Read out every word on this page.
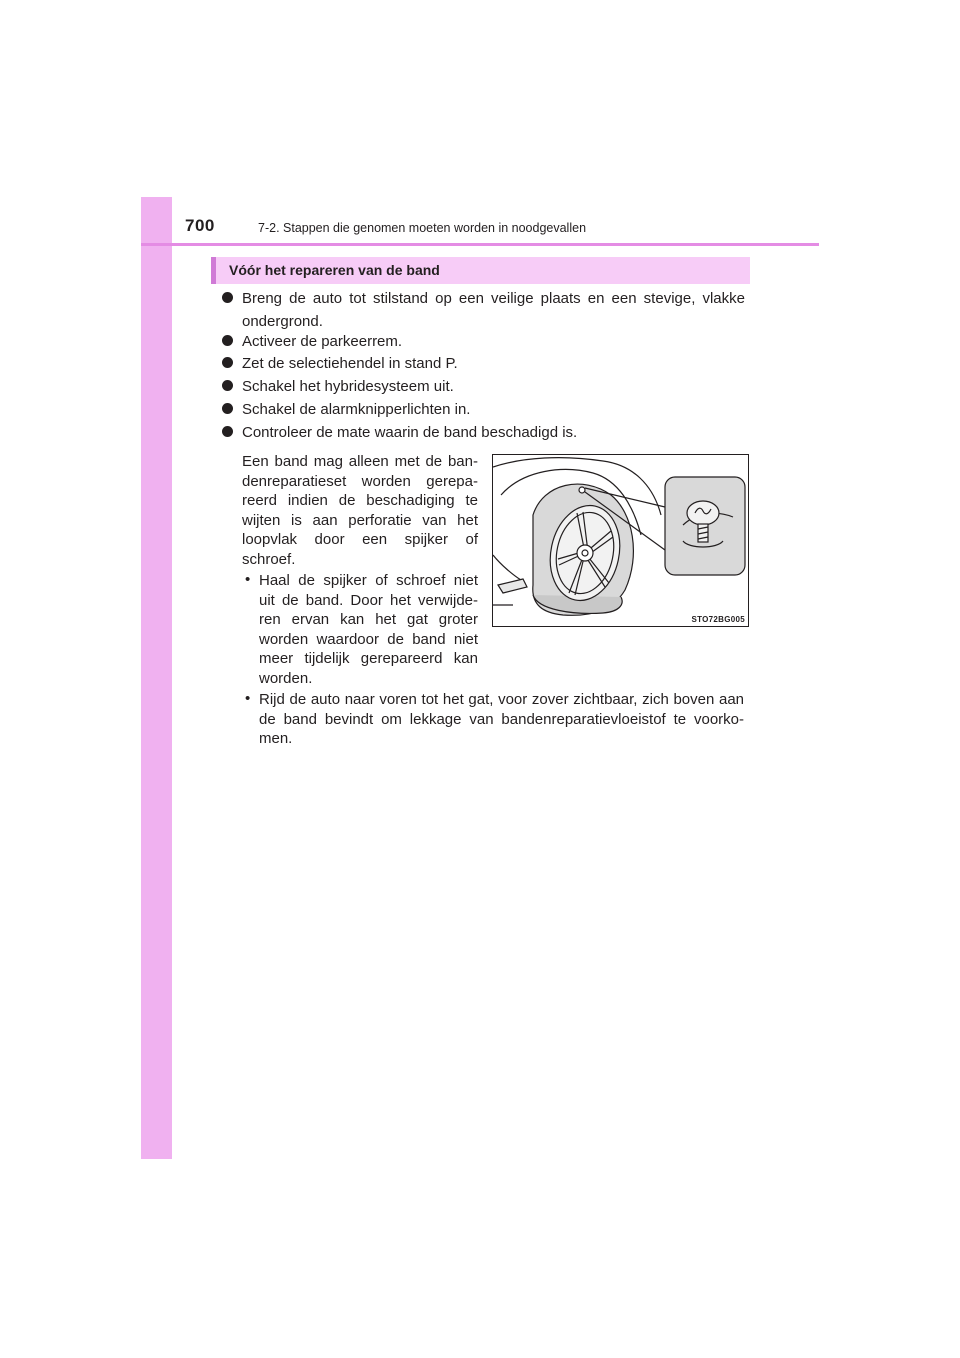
700	7-2. Stappen die genomen moeten worden in noodgevallen
Vóór het repareren van de band
Breng de auto tot stilstand op een veilige plaats en een stevige, vlakke
ondergrond.
Activeer de parkeerrem.
Zet de selectiehendel in stand P.
Schakel het hybridesysteem uit.
Schakel de alarmknipperlichten in.
Controleer de mate waarin de band beschadigd is.
Een band mag alleen met de ban-
denreparatieset worden gerepa-
reerd indien de beschadiging te
wijten is aan perforatie van het
loopvlak door een spijker of
schroef.
• Haal de spijker of schroef niet
uit de band. Door het verwijde-
ren ervan kan het gat groter
worden waardoor de band niet
meer tijdelijk gerepareerd kan
worden.
• Rijd de auto naar voren tot het gat, voor zover zichtbaar, zich boven aan
de band bevindt om lekkage van bandenreparatievloeistof te voorko-
men.
STO72BG005
